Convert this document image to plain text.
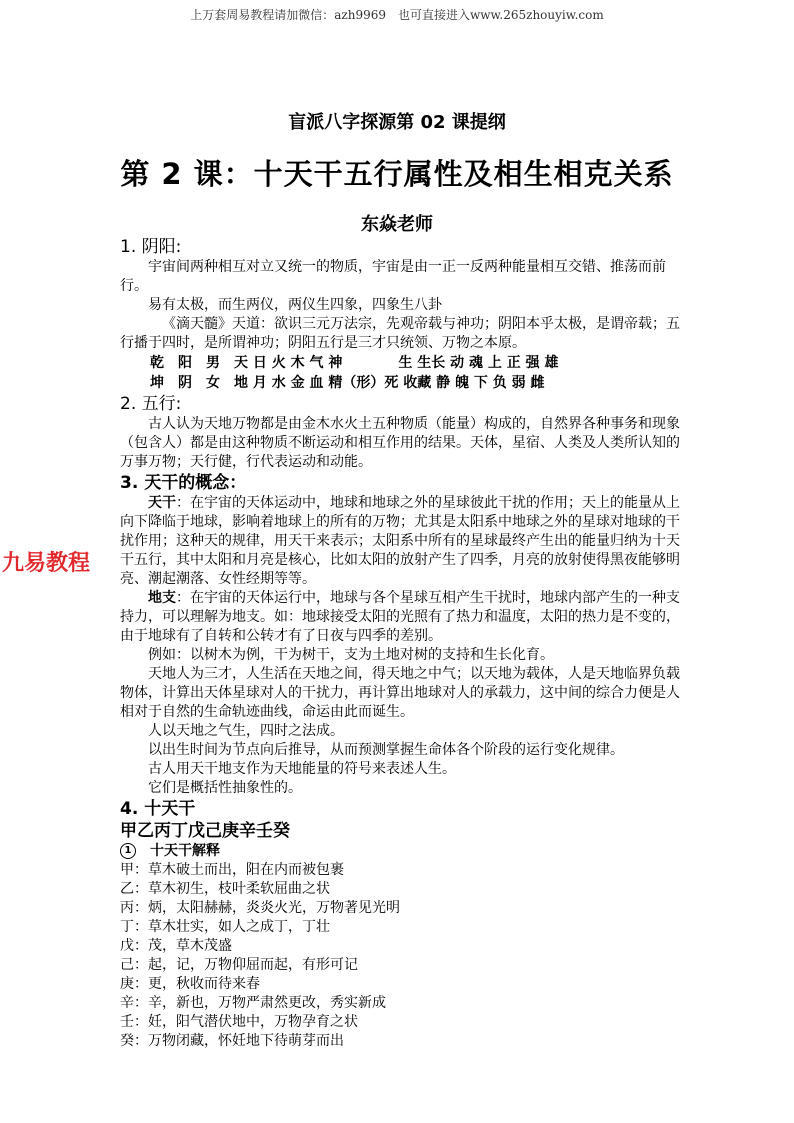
上万套周易教程请加微信：azh9969　也可直接进入www.265zhouyiw.com
盲派八字探源第 02 课提纲
第 2 课：十天干五行属性及相生相克关系
东焱老师
九易教程

1. 阴阳:

宇宙间两种相互对立又统一的物质，宇宙是由一正一反两种能量相互交错、推荡而前行。

易有太极，而生两仪，两仪生四象，四象生八卦

《滴天髓》天道：欲识三元万法宗，先观帝载与神功；阴阳本乎太极，是谓帝载；五行播于四时，是所谓神功；阴阳五行是三才只统领、万物之本原。

乾　阳　男　天 日 火 木 气 神　　　　生 生长 动 魂 上 正 强 雄

坤　阴　女　地 月 水 金 血 精（形）死 收藏 静 魄 下 负 弱 雌

2. 五行:

古人认为天地万物都是由金木水火土五种物质（能量）构成的，自然界各种事务和现象（包含人）都是由这种物质不断运动和相互作用的结果。天体，星宿、人类及人类所认知的万事万物；天行健，行代表运动和动能。

3. 天干的概念：

天干：在宇宙的天体运动中，地球和地球之外的星球彼此干扰的作用；天上的能量从上向下降临于地球，影响着地球上的所有的万物；尤其是太阳系中地球之外的星球对地球的干扰作用；这种天的规律，用天干来表示；太阳系中所有的星球最终产生出的能量归纳为十天干五行，其中太阳和月亮是核心，比如太阳的放射产生了四季，月亮的放射使得黑夜能够明亮、潮起潮落、女性经期等等。

地支：在宇宙的天体运行中，地球与各个星球互相产生干扰时，地球内部产生的一种支持力，可以理解为地支。如：地球接受太阳的光照有了热力和温度，太阳的热力是不变的，由于地球有了自转和公转才有了日夜与四季的差别。

例如：以树木为例，干为树干，支为土地对树的支持和生长化育。

天地人为三才，人生活在天地之间，得天地之中气；以天地为载体，人是天地临界负载物体，计算出天体星球对人的干扰力，再计算出地球对人的承载力，这中间的综合力便是人相对于自然的生命轨迹曲线，命运由此而诞生。

人以天地之气生，四时之法成。

以出生时间为节点向后推导，从而预测掌握生命体各个阶段的运行变化规律。

古人用天干地支作为天地能量的符号来表述人生。

它们是概括性抽象性的。

4. 十天干

甲乙丙丁戊己庚辛壬癸

1 十天干解释

甲：草木破土而出，阳在内而被包裹

乙：草木初生，枝叶柔软屈曲之状

丙：炳，太阳赫赫，炎炎火光，万物著见光明

丁：草木壮实，如人之成丁，丁壮

戊：茂，草木茂盛

己：起，记，万物仰屈而起，有形可记

庚：更，秋收而待来春

辛：辛，新也，万物严肃然更改，秀实新成

壬：妊，阳气潜伏地中，万物孕育之状

癸：万物闭藏，怀妊地下待萌芽而出
